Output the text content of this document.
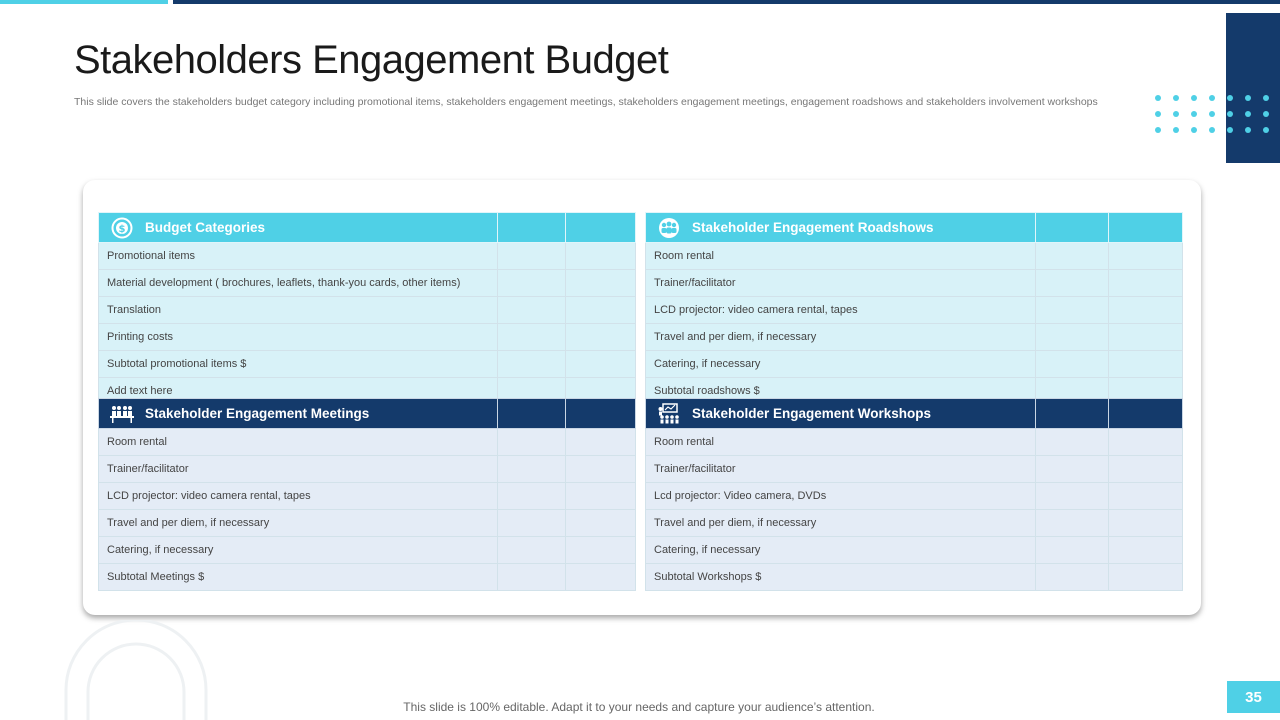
Stakeholders Engagement Budget
This slide covers the stakeholders budget category including promotional items, stakeholders engagement meetings, stakeholders engagement meetings, engagement roadshows and stakeholders involvement workshops
$ Budget Categories		

Promotional items		
Material development ( brochures, leaflets, thank-you cards, other items)		
Translation		
Printing costs		
Subtotal promotional items $		
Add text here		
Stakeholder Engagement Roadshows		

Room rental		
Trainer/facilitator		
LCD projector: video camera rental, tapes		
Travel and per diem, if necessary		
Catering, if necessary		
Subtotal roadshows $		
Stakeholder Engagement Meetings		

Room rental		
Trainer/facilitator		
LCD projector: video camera rental, tapes		
Travel and per diem, if necessary		
Catering, if necessary		
Subtotal Meetings $		
Stakeholder Engagement Workshops		

Room rental		
Trainer/facilitator		
Lcd projector: Video camera, DVDs		
Travel and per diem, if necessary		
Catering, if necessary		
Subtotal Workshops $		
This slide is 100% editable. Adapt it to your needs and capture your audience’s attention.
35
